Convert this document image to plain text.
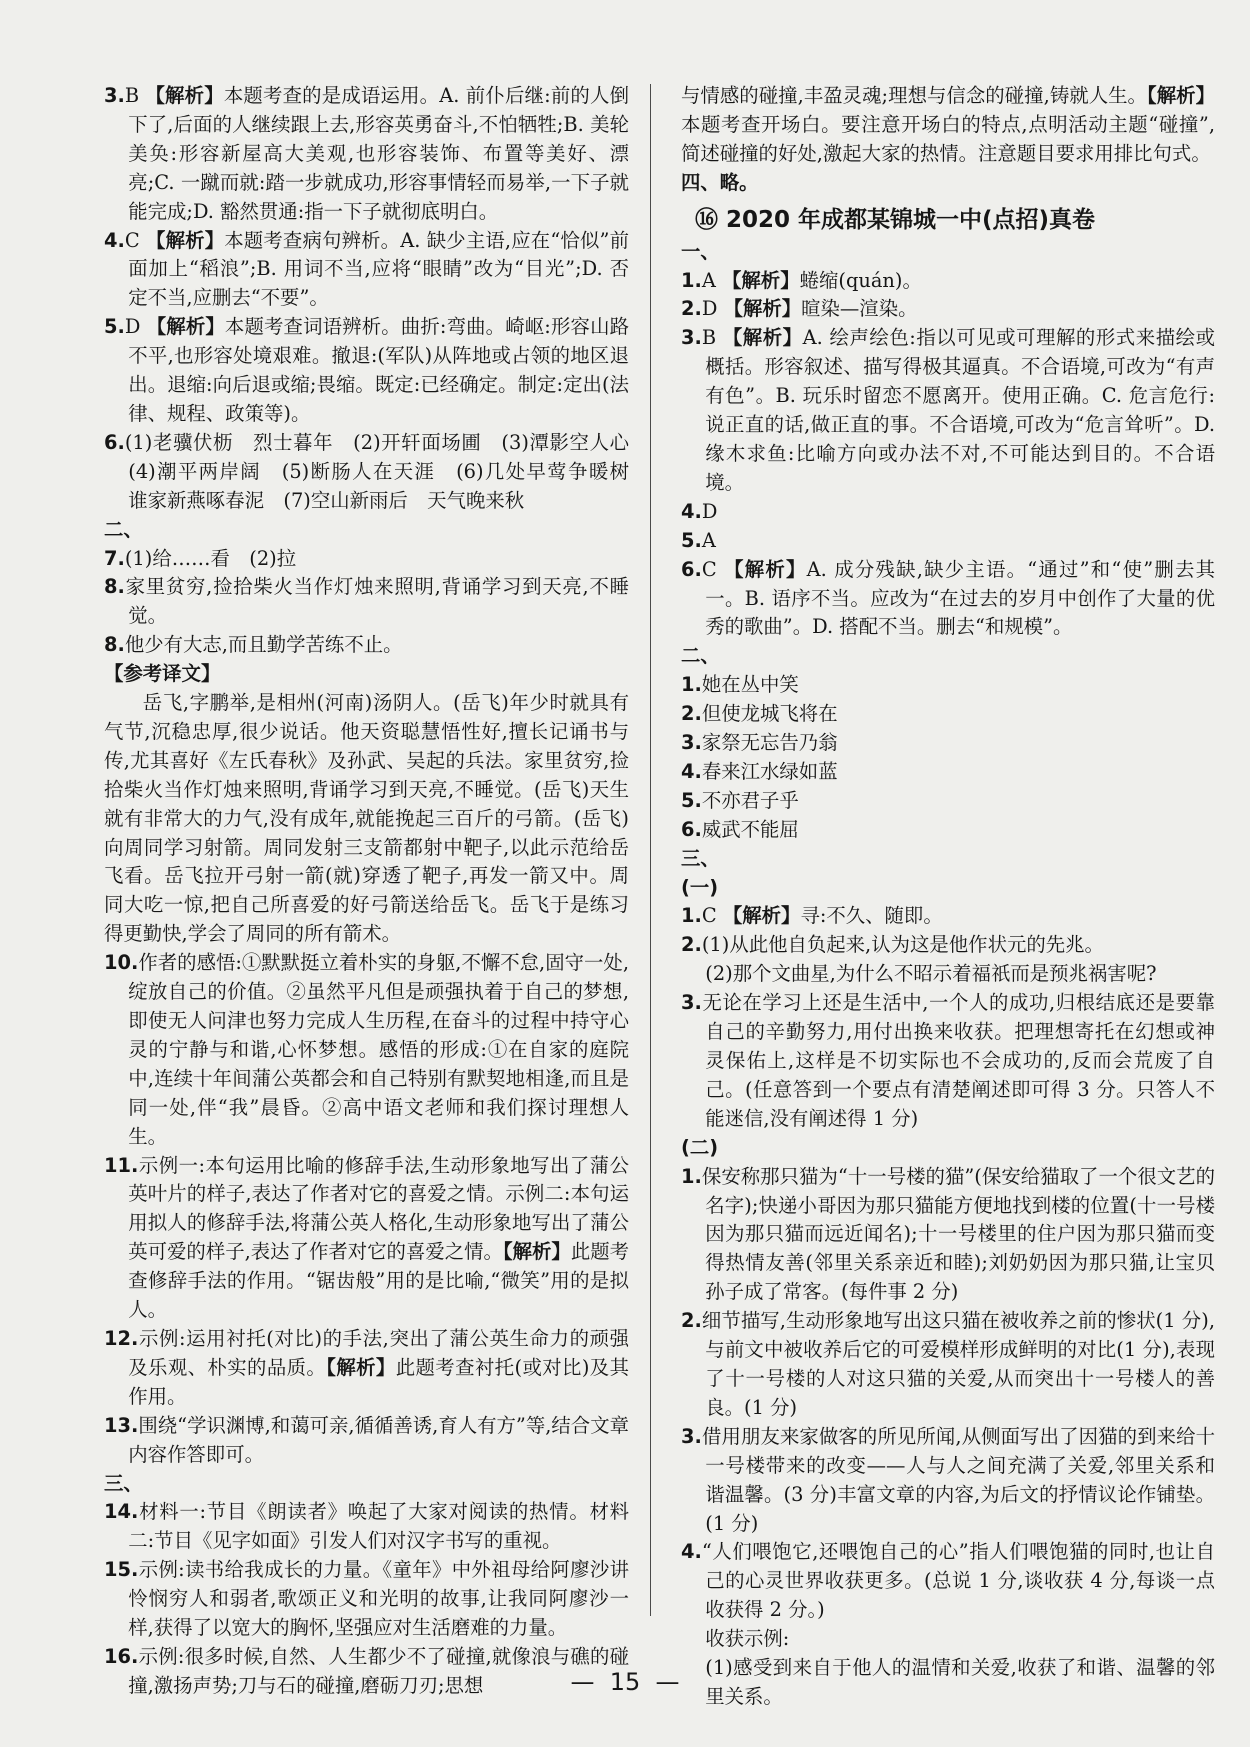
3.B 【解析】本题考查的是成语运用。A. 前仆后继:前的人倒下了,后面的人继续跟上去,形容英勇奋斗,不怕牺牲;B. 美轮美奂:形容新屋高大美观,也形容装饰、布置等美好、漂亮;C. 一蹴而就:踏一步就成功,形容事情轻而易举,一下子就能完成;D. 豁然贯通:指一下子就彻底明白。

4.C 【解析】本题考查病句辨析。A. 缺少主语,应在“恰似”前面加上“稻浪”;B. 用词不当,应将“眼睛”改为“目光”;D. 否定不当,应删去“不要”。

5.D 【解析】本题考查词语辨析。曲折:弯曲。崎岖:形容山路不平,也形容处境艰难。撤退:(军队)从阵地或占领的地区退出。退缩:向后退或缩;畏缩。既定:已经确定。制定:定出(法律、规程、政策等)。

6.(1)老骥伏枥　烈士暮年　(2)开轩面场圃　(3)潭影空人心　(4)潮平两岸阔　(5)断肠人在天涯　(6)几处早莺争暖树　谁家新燕啄春泥　(7)空山新雨后　天气晚来秋

二、

7.(1)给……看　(2)拉

8.家里贫穷,捡拾柴火当作灯烛来照明,背诵学习到天亮,不睡觉。

8.他少有大志,而且勤学苦练不止。

【参考译文】

岳飞,字鹏举,是相州(河南)汤阴人。(岳飞)年少时就具有气节,沉稳忠厚,很少说话。他天资聪慧悟性好,擅长记诵书与传,尤其喜好《左氏春秋》及孙武、吴起的兵法。家里贫穷,捡拾柴火当作灯烛来照明,背诵学习到天亮,不睡觉。(岳飞)天生就有非常大的力气,没有成年,就能挽起三百斤的弓箭。(岳飞)向周同学习射箭。周同发射三支箭都射中靶子,以此示范给岳飞看。岳飞拉开弓射一箭(就)穿透了靶子,再发一箭又中。周同大吃一惊,把自己所喜爱的好弓箭送给岳飞。岳飞于是练习得更勤快,学会了周同的所有箭术。

10.作者的感悟:①默默挺立着朴实的身躯,不懈不怠,固守一处,绽放自己的价值。②虽然平凡但是顽强执着于自己的梦想,即使无人问津也努力完成人生历程,在奋斗的过程中持守心灵的宁静与和谐,心怀梦想。感悟的形成:①在自家的庭院中,连续十年间蒲公英都会和自己特别有默契地相逢,而且是同一处,伴“我”晨昏。②高中语文老师和我们探讨理想人生。

11.示例一:本句运用比喻的修辞手法,生动形象地写出了蒲公英叶片的样子,表达了作者对它的喜爱之情。示例二:本句运用拟人的修辞手法,将蒲公英人格化,生动形象地写出了蒲公英可爱的样子,表达了作者对它的喜爱之情。【解析】此题考查修辞手法的作用。“锯齿般”用的是比喻,“微笑”用的是拟人。

12.示例:运用衬托(对比)的手法,突出了蒲公英生命力的顽强及乐观、朴实的品质。【解析】此题考查衬托(或对比)及其作用。

13.围绕“学识渊博,和蔼可亲,循循善诱,育人有方”等,结合文章内容作答即可。

三、

14.材料一:节目《朗读者》唤起了大家对阅读的热情。材料二:节目《见字如面》引发人们对汉字书写的重视。

15.示例:读书给我成长的力量。《童年》中外祖母给阿廖沙讲怜悯穷人和弱者,歌颂正义和光明的故事,让我同阿廖沙一样,获得了以宽大的胸怀,坚强应对生活磨难的力量。

16.示例:很多时候,自然、人生都少不了碰撞,就像浪与礁的碰撞,激扬声势;刀与石的碰撞,磨砺刀刃;思想

与情感的碰撞,丰盈灵魂;理想与信念的碰撞,铸就人生。【解析】本题考查开场白。要注意开场白的特点,点明活动主题“碰撞”,简述碰撞的好处,激起大家的热情。注意题目要求用排比句式。

四、略。

⑯ 2020 年成都某锦城一中(点招)真卷

一、

1.A 【解析】蜷缩(quán)。

2.D 【解析】暄染—渲染。

3.B 【解析】A. 绘声绘色:指以可见或可理解的形式来描绘或概括。形容叙述、描写得极其逼真。不合语境,可改为“有声有色”。B. 玩乐时留恋不愿离开。使用正确。C. 危言危行:说正直的话,做正直的事。不合语境,可改为“危言耸听”。D. 缘木求鱼:比喻方向或办法不对,不可能达到目的。不合语境。

4.D

5.A

6.C 【解析】A. 成分残缺,缺少主语。“通过”和“使”删去其一。B. 语序不当。应改为“在过去的岁月中创作了大量的优秀的歌曲”。D. 搭配不当。删去“和规模”。

二、

1.她在丛中笑

2.但使龙城飞将在

3.家祭无忘告乃翁

4.春来江水绿如蓝

5.不亦君子乎

6.威武不能屈

三、

(一)

1.C 【解析】寻:不久、随即。

2.(1)从此他自负起来,认为这是他作状元的先兆。

(2)那个文曲星,为什么不昭示着福祇而是预兆祸害呢?

3.无论在学习上还是生活中,一个人的成功,归根结底还是要靠自己的辛勤努力,用付出换来收获。把理想寄托在幻想或神灵保佑上,这样是不切实际也不会成功的,反而会荒废了自己。(任意答到一个要点有清楚阐述即可得 3 分。只答人不能迷信,没有阐述得 1 分)

(二)

1.保安称那只猫为“十一号楼的猫”(保安给猫取了一个很文艺的名字);快递小哥因为那只猫能方便地找到楼的位置(十一号楼因为那只猫而远近闻名);十一号楼里的住户因为那只猫而变得热情友善(邻里关系亲近和睦);刘奶奶因为那只猫,让宝贝孙子成了常客。(每件事 2 分)

2.细节描写,生动形象地写出这只猫在被收养之前的惨状(1 分),与前文中被收养后它的可爱模样形成鲜明的对比(1 分),表现了十一号楼的人对这只猫的关爱,从而突出十一号楼人的善良。(1 分)

3.借用朋友来家做客的所见所闻,从侧面写出了因猫的到来给十一号楼带来的改变——人与人之间充满了关爱,邻里关系和谐温馨。(3 分)丰富文章的内容,为后文的抒情议论作铺垫。(1 分)

4.“人们喂饱它,还喂饱自己的心”指人们喂饱猫的同时,也让自己的心灵世界收获更多。(总说 1 分,谈收获 4 分,每谈一点收获得 2 分。)

收获示例:

(1)感受到来自于他人的温情和关爱,收获了和谐、温馨的邻里关系。

—  15  —
